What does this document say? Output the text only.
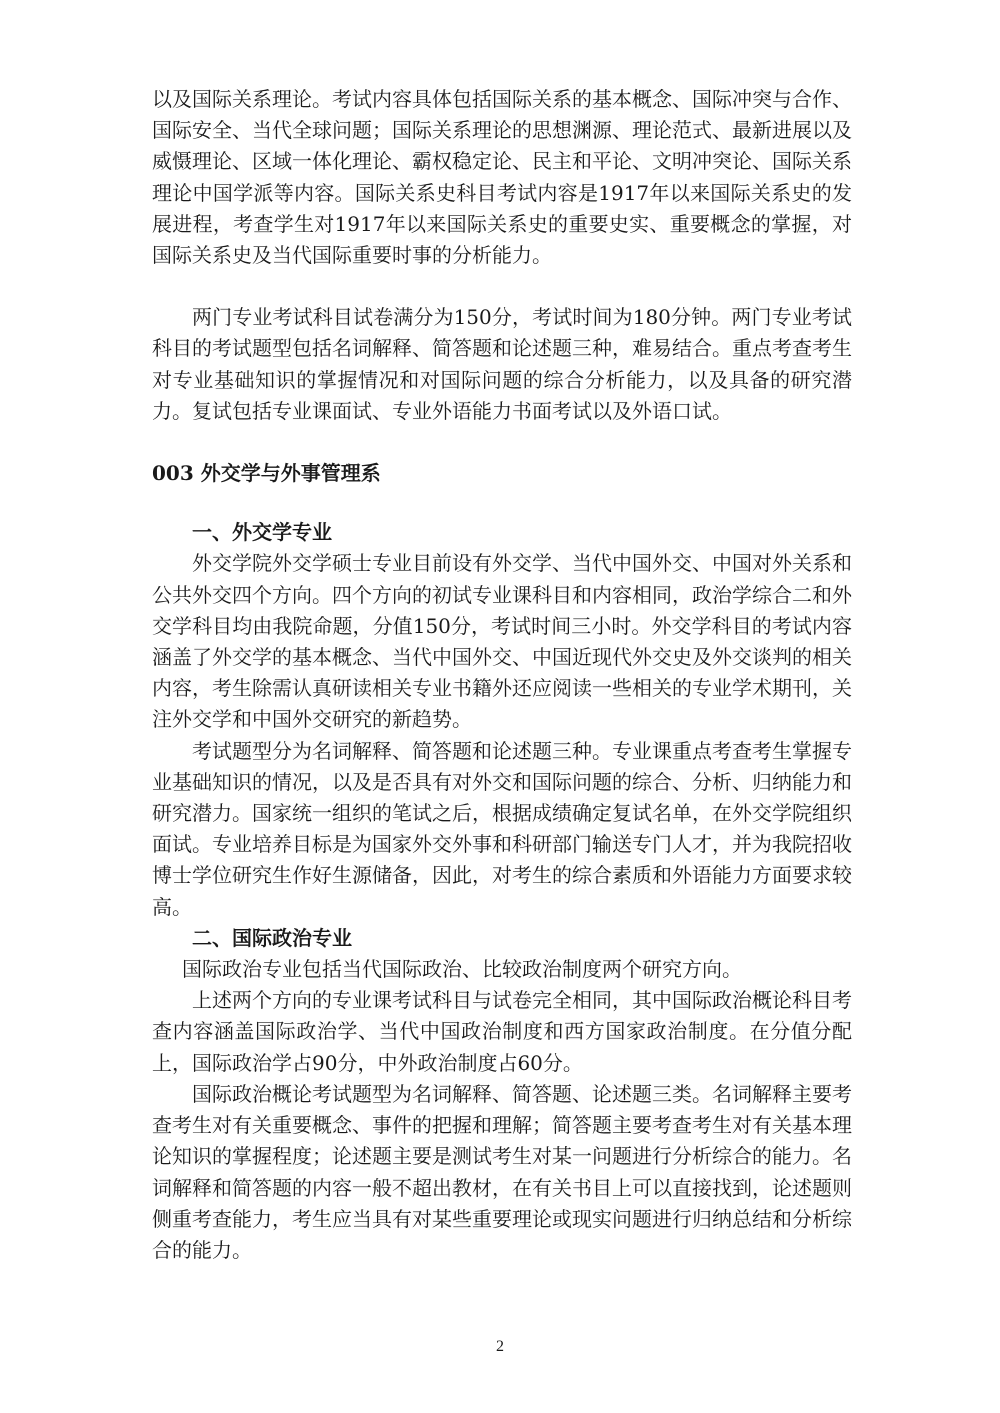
以及国际关系理论。考试内容具体包括国际关系的基本概念、国际冲突与合作、国际安全、当代全球问题；国际关系理论的思想渊源、理论范式、最新进展以及威慑理论、区域一体化理论、霸权稳定论、民主和平论、文明冲突论、国际关系理论中国学派等内容。国际关系史科目考试内容是1917年以来国际关系史的发展进程，考查学生对1917年以来国际关系史的重要史实、重要概念的掌握，对国际关系史及当代国际重要时事的分析能力。

两门专业考试科目试卷满分为150分，考试时间为180分钟。两门专业考试科目的考试题型包括名词解释、简答题和论述题三种，难易结合。重点考查考生对专业基础知识的掌握情况和对国际问题的综合分析能力，以及具备的研究潜力。复试包括专业课面试、专业外语能力书面考试以及外语口试。

003 外交学与外事管理系

一、外交学专业

外交学院外交学硕士专业目前设有外交学、当代中国外交、中国对外关系和公共外交四个方向。四个方向的初试专业课科目和内容相同，政治学综合二和外交学科目均由我院命题，分值150分，考试时间三小时。外交学科目的考试内容涵盖了外交学的基本概念、当代中国外交、中国近现代外交史及外交谈判的相关内容，考生除需认真研读相关专业书籍外还应阅读一些相关的专业学术期刊，关注外交学和中国外交研究的新趋势。

考试题型分为名词解释、简答题和论述题三种。专业课重点考查考生掌握专业基础知识的情况，以及是否具有对外交和国际问题的综合、分析、归纳能力和研究潜力。国家统一组织的笔试之后，根据成绩确定复试名单，在外交学院组织面试。专业培养目标是为国家外交外事和科研部门输送专门人才，并为我院招收博士学位研究生作好生源储备，因此，对考生的综合素质和外语能力方面要求较高。

二、国际政治专业

国际政治专业包括当代国际政治、比较政治制度两个研究方向。

上述两个方向的专业课考试科目与试卷完全相同，其中国际政治概论科目考查内容涵盖国际政治学、当代中国政治制度和西方国家政治制度。在分值分配上，国际政治学占90分，中外政治制度占60分。

国际政治概论考试题型为名词解释、简答题、论述题三类。名词解释主要考查考生对有关重要概念、事件的把握和理解；简答题主要考查考生对有关基本理论知识的掌握程度；论述题主要是测试考生对某一问题进行分析综合的能力。名词解释和简答题的内容一般不超出教材，在有关书目上可以直接找到，论述题则侧重考查能力，考生应当具有对某些重要理论或现实问题进行归纳总结和分析综合的能力。

2
